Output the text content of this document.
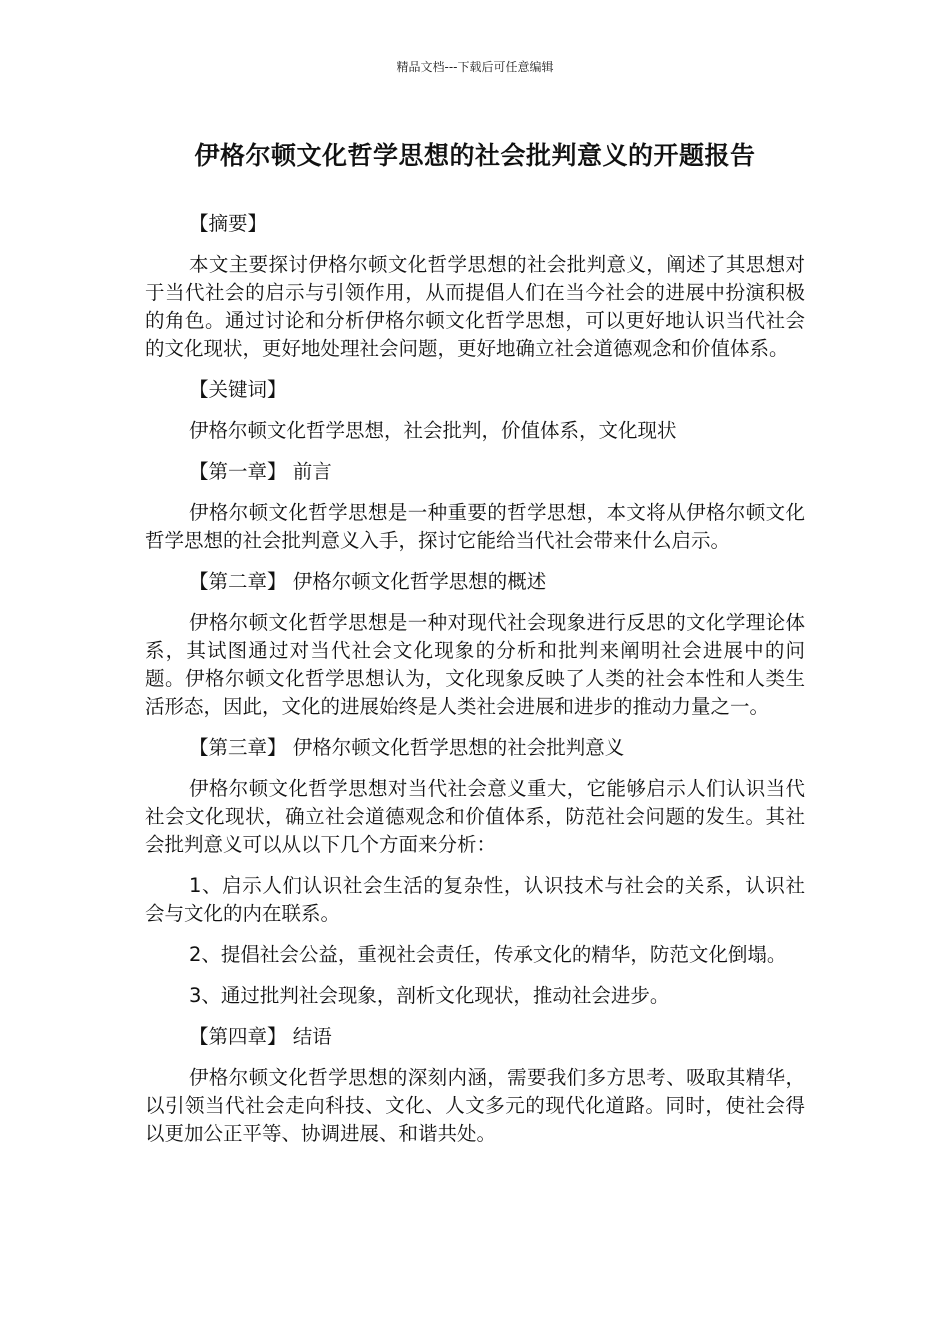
精品文档---下载后可任意编辑
伊格尔顿文化哲学思想的社会批判意义的开题报告

【摘要】

本文主要探讨伊格尔顿文化哲学思想的社会批判意义，阐述了其思想对于当代社会的启示与引领作用，从而提倡人们在当今社会的进展中扮演积极的角色。通过讨论和分析伊格尔顿文化哲学思想，可以更好地认识当代社会的文化现状，更好地处理社会问题，更好地确立社会道德观念和价值体系。

【关键词】

伊格尔顿文化哲学思想，社会批判，价值体系，文化现状

【第一章】 前言

伊格尔顿文化哲学思想是一种重要的哲学思想，本文将从伊格尔顿文化哲学思想的社会批判意义入手，探讨它能给当代社会带来什么启示。

【第二章】 伊格尔顿文化哲学思想的概述

伊格尔顿文化哲学思想是一种对现代社会现象进行反思的文化学理论体系，其试图通过对当代社会文化现象的分析和批判来阐明社会进展中的问题。伊格尔顿文化哲学思想认为，文化现象反映了人类的社会本性和人类生活形态，因此，文化的进展始终是人类社会进展和进步的推动力量之一。

【第三章】 伊格尔顿文化哲学思想的社会批判意义

伊格尔顿文化哲学思想对当代社会意义重大，它能够启示人们认识当代社会文化现状，确立社会道德观念和价值体系，防范社会问题的发生。其社会批判意义可以从以下几个方面来分析：

1、启示人们认识社会生活的复杂性，认识技术与社会的关系，认识社会与文化的内在联系。

2、提倡社会公益，重视社会责任，传承文化的精华，防范文化倒塌。

3、通过批判社会现象，剖析文化现状，推动社会进步。

【第四章】 结语

伊格尔顿文化哲学思想的深刻内涵，需要我们多方思考、吸取其精华，以引领当代社会走向科技、文化、人文多元的现代化道路。同时，使社会得以更加公正平等、协调进展、和谐共处。
